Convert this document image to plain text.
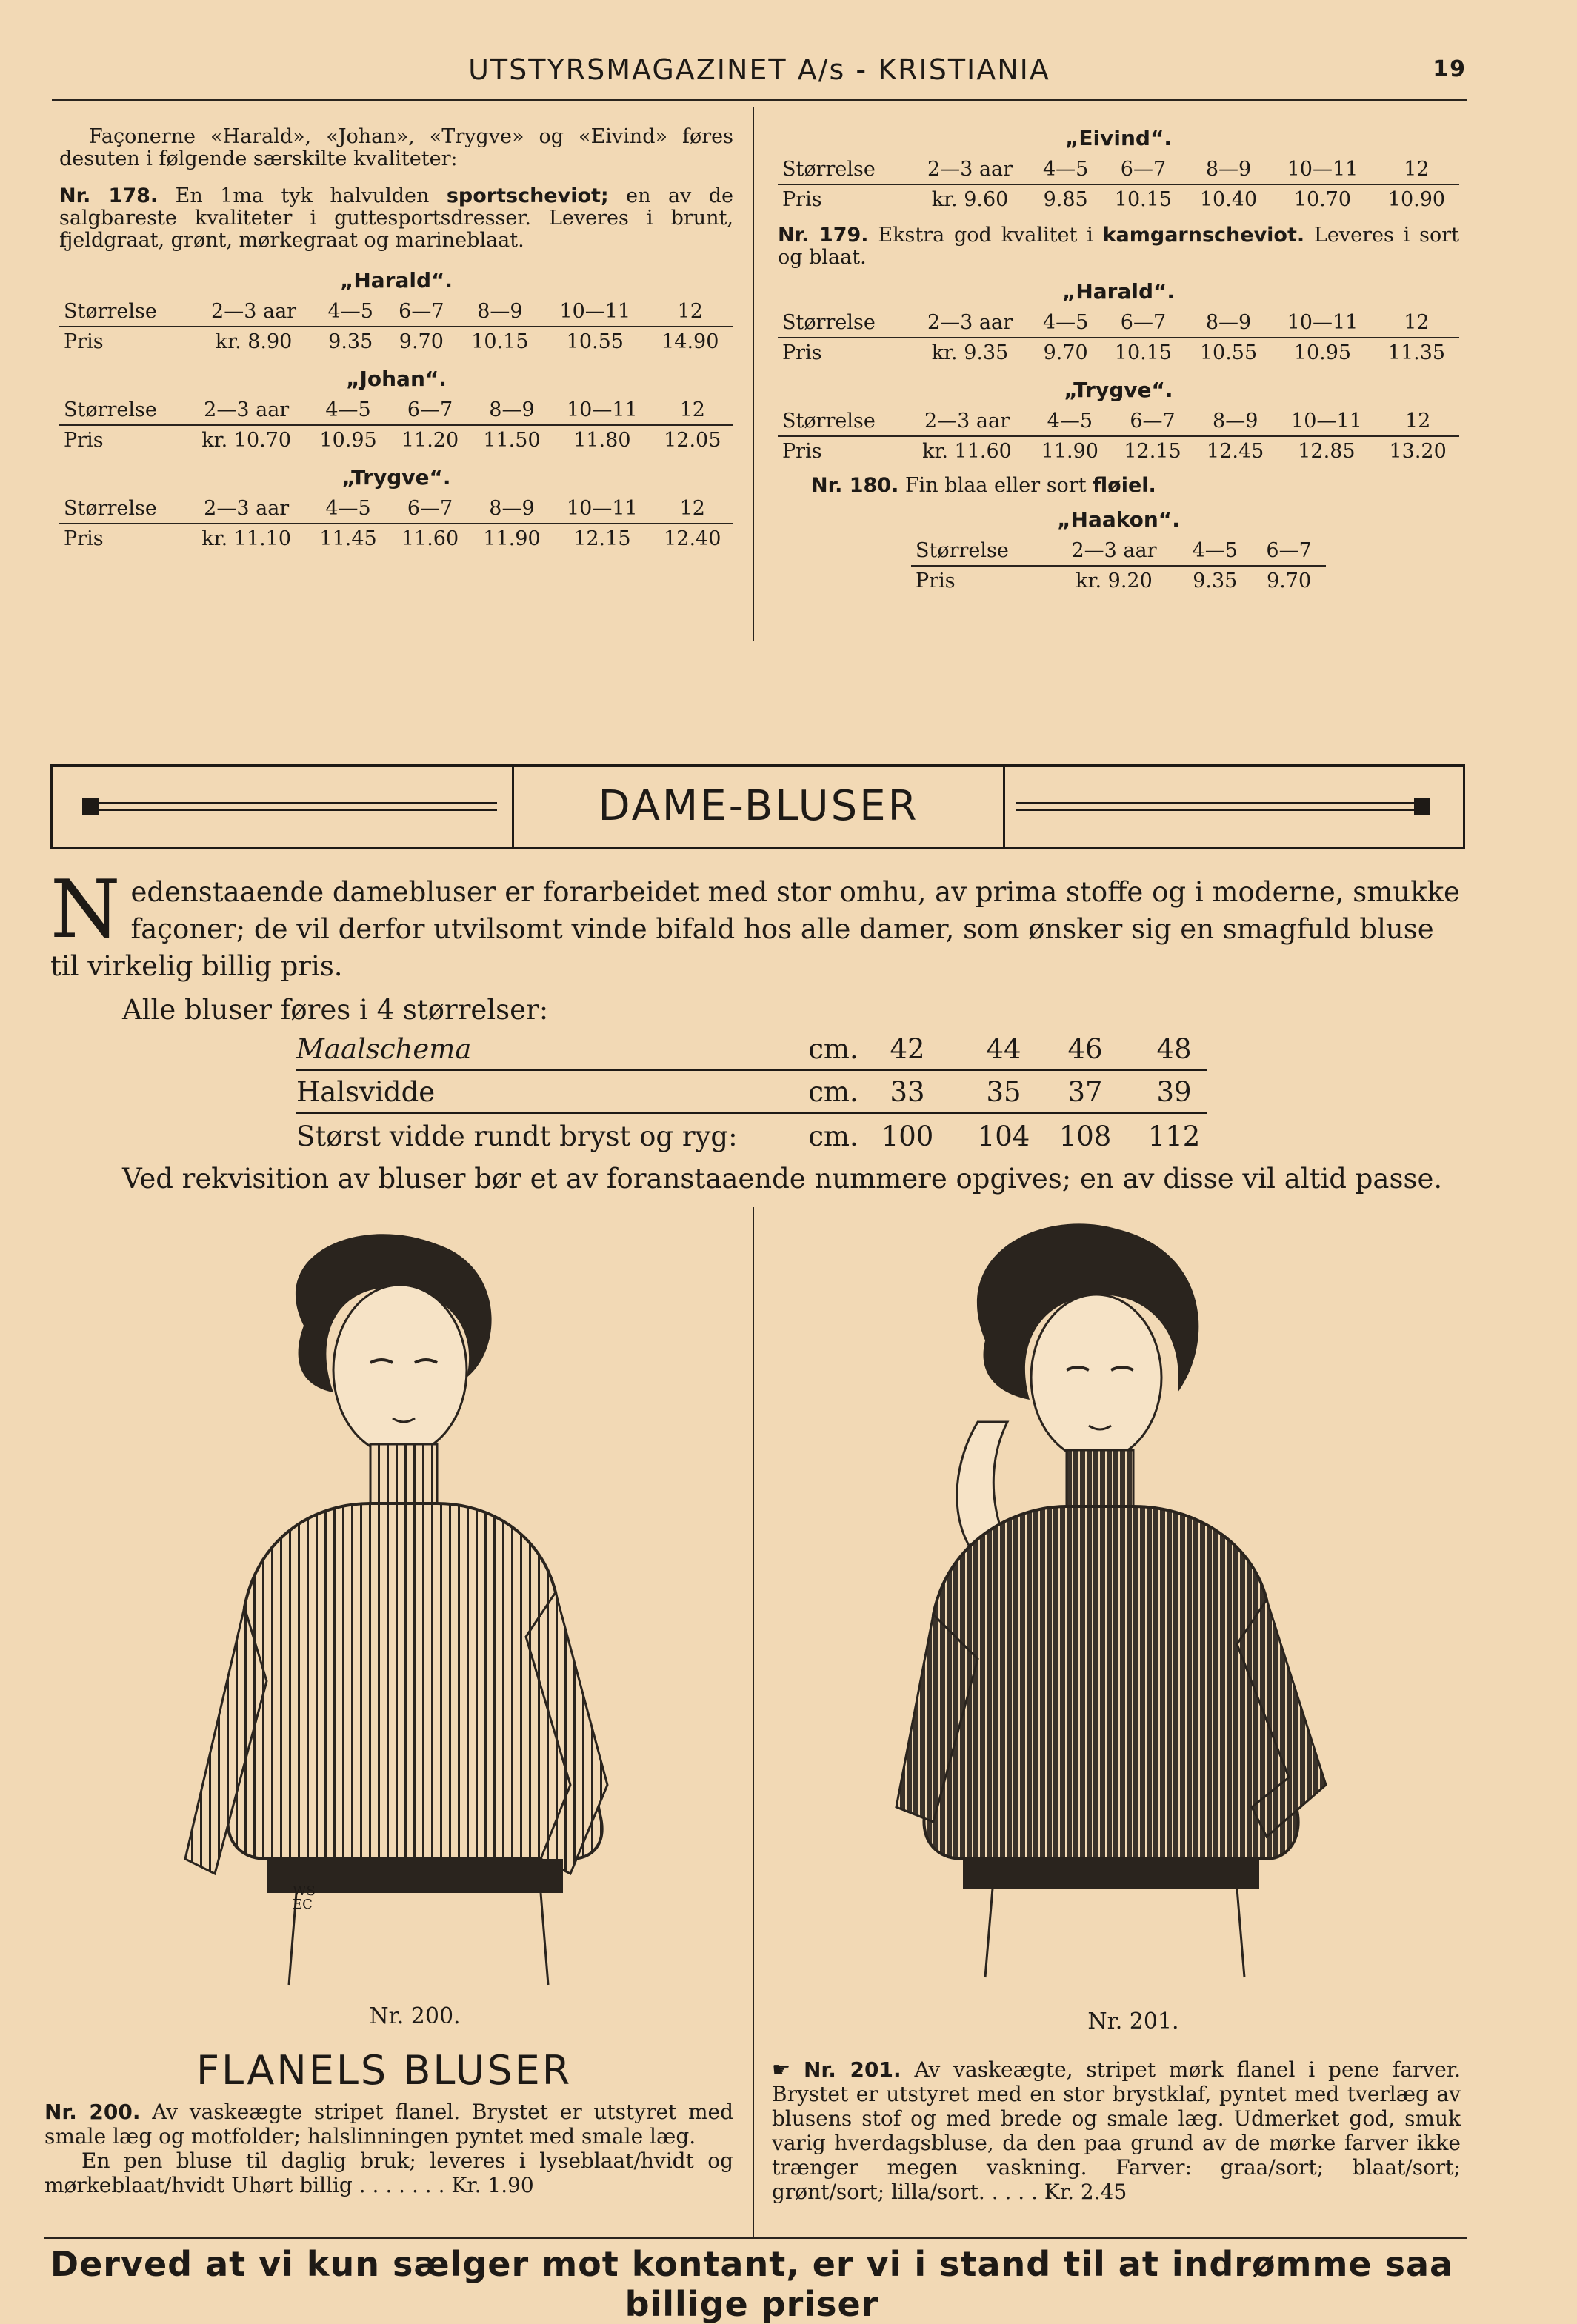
UTSTYRSMAGAZINET A/s - KRISTIANIA	19

Façonerne «Harald», «Johan», «Trygve» og «Eivind» føres desuten i følgende særskilte kvaliteter:

Nr. 178. En 1ma tyk halvulden sportscheviot; en av de salgbareste kvaliteter i guttesportsdresser. Leveres i brunt, fjeldgraat, grønt, mørkegraat og marineblaat.

„Harald“.
Størrelse	2—3 aar	4—5	6—7	8—9	10—11	12
Pris	kr. 8.90	9.35	9.70	10.15	10.55	14.90
„Johan“.
Størrelse	2—3 aar	4—5	6—7	8—9	10—11	12
Pris	kr. 10.70	10.95	11.20	11.50	11.80	12.05
„Trygve“.
Størrelse	2—3 aar	4—5	6—7	8—9	10—11	12
Pris	kr. 11.10	11.45	11.60	11.90	12.15	12.40
„Eivind“.
Størrelse	2—3 aar	4—5	6—7	8—9	10—11	12
Pris	kr. 9.60	9.85	10.15	10.40	10.70	10.90

Nr. 179. Ekstra god kvalitet i kamgarnscheviot. Leveres i sort og blaat.

„Harald“.
Størrelse	2—3 aar	4—5	6—7	8—9	10—11	12
Pris	kr. 9.35	9.70	10.15	10.55	10.95	11.35
„Trygve“.
Størrelse	2—3 aar	4—5	6—7	8—9	10—11	12
Pris	kr. 11.60	11.90	12.15	12.45	12.85	13.20

Nr. 180. Fin blaa eller sort fløiel.

„Haakon“.
Størrelse	2—3 aar	4—5	6—7
Pris	kr. 9.20	9.35	9.70
DAME-BLUSER
N edenstaaende damebluser er forarbeidet med stor omhu, av prima stoffe og i moderne, smukke façoner; de vil derfor utvilsomt vinde bifald hos alle damer, som ønsker sig en smagfuld bluse til virkelig billig pris.
Alle bluser føres i 4 størrelser:
Maalschema	cm.	42	44	46	48
Halsvidde	cm.	33	35	37	39
Størst vidde rundt bryst og ryg:	cm. 100 104 108 112
Ved rekvisition av bluser bør et av foranstaaende nummere opgives; en av disse vil altid passe.
WS EC
Nr. 200.	Nr. 201.
FLANELS BLUSER
Nr. 200. Av vaskeægte stripet flanel. Brystet er utstyret med smale læg og motfolder; halslinningen pyntet med smale læg.
En pen bluse til daglig bruk; leveres i lyseblaat/hvidt og mørkeblaat/hvidt Uhørt billig . . . . . . . Kr. 1.90
☛ Nr. 201. Av vaskeægte, stripet mørk flanel i pene farver. Brystet er utstyret med en stor brystklaf, pyntet med tverlæg av blusens stof og med brede og smale læg. Udmerket god, smuk varig hverdagsbluse, da den paa grund av de mørke farver ikke trænger megen vaskning. Farver: graa/sort; blaat/sort; grønt/sort; lilla/sort. . . . . Kr. 2.45
Derved at vi kun sælger mot kontant, er vi i stand til at indrømme saa billige priser
